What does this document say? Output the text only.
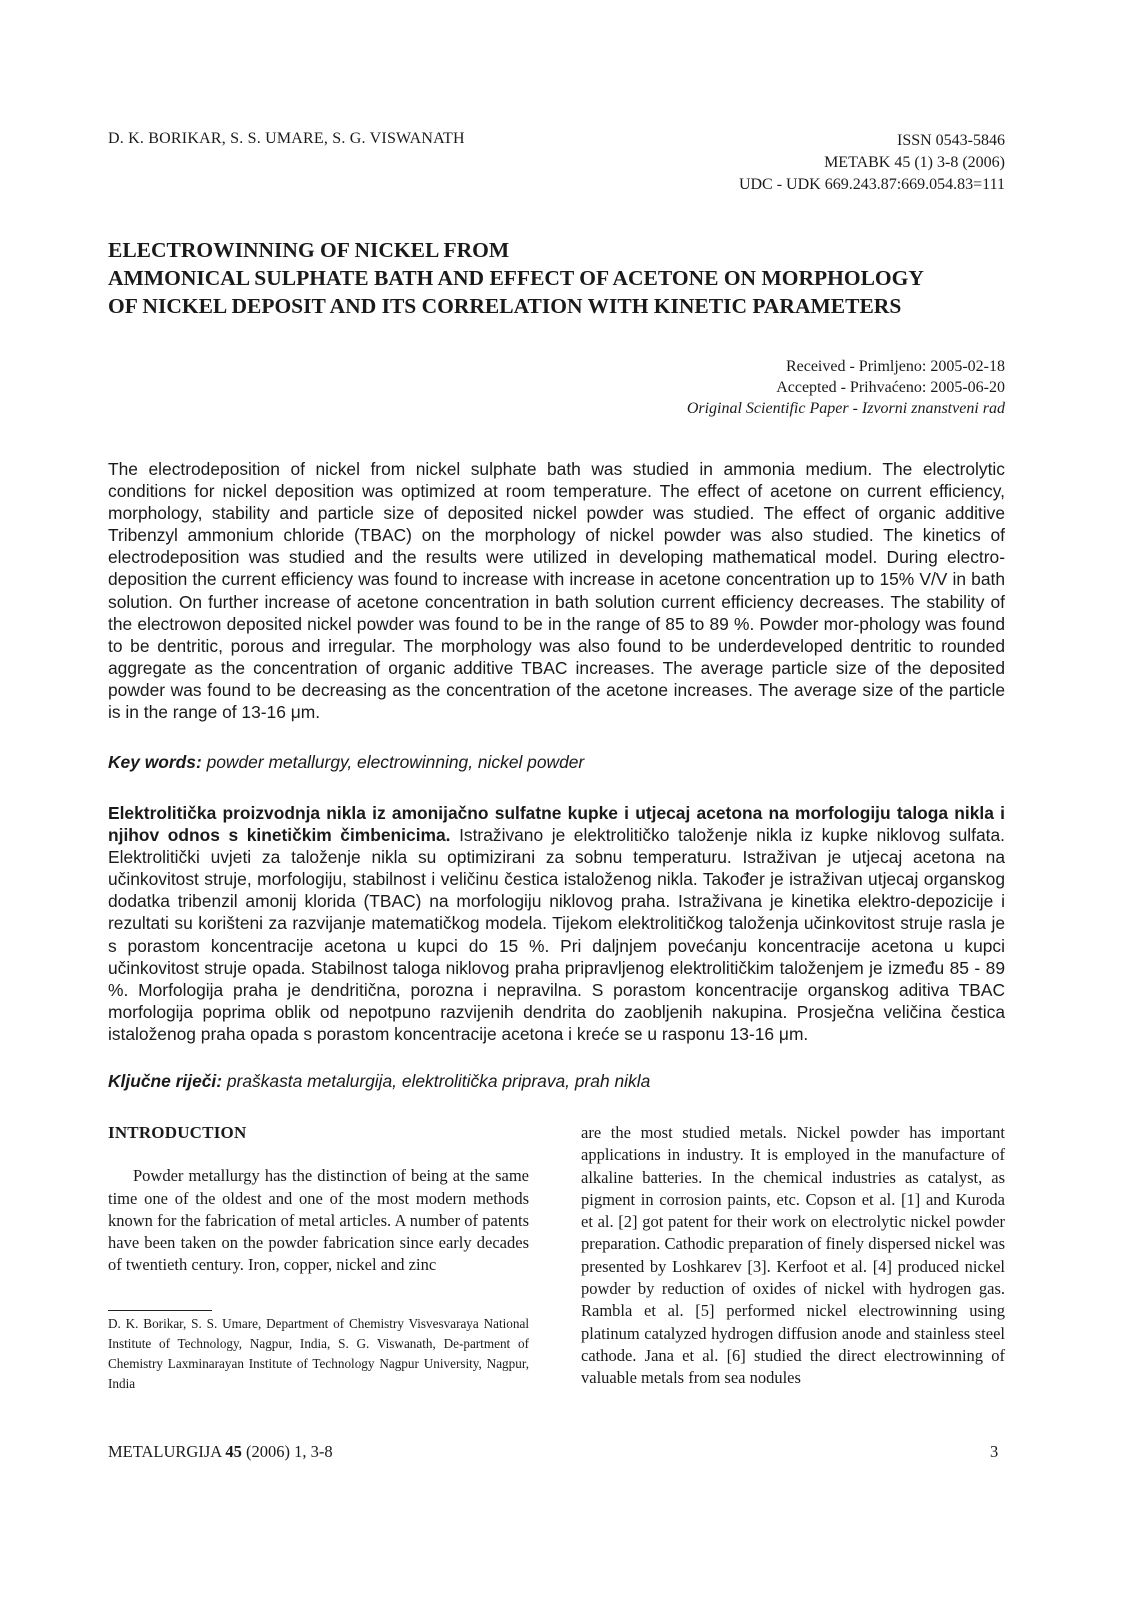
D. K. BORIKAR, S. S. UMARE, S. G. VISWANATH	ISSN 0543-5846
METABK 45 (1) 3-8 (2006)
UDC - UDK 669.243.87:669.054.83=111
ELECTROWINNING OF NICKEL FROM
AMMONICAL SULPHATE BATH AND EFFECT OF ACETONE ON MORPHOLOGY
OF NICKEL DEPOSIT AND ITS CORRELATION WITH KINETIC PARAMETERS
Received - Primljeno: 2005-02-18
Accepted - Prihvaćeno: 2005-06-20
Original Scientific Paper - Izvorni znanstveni rad
The electrodeposition of nickel from nickel sulphate bath was studied in ammonia medium. The electrolytic conditions for nickel deposition was optimized at room temperature. The effect of acetone on current efficiency, morphology, stability and particle size of deposited nickel powder was studied. The effect of organic additive Tribenzyl ammonium chloride (TBAC) on the morphology of nickel powder was also studied. The kinetics of electrodeposition was studied and the results were utilized in developing mathematical model. During electro-deposition the current efficiency was found to increase with increase in acetone concentration up to 15% V/V in bath solution. On further increase of acetone concentration in bath solution current efficiency decreases. The stability of the electrowon deposited nickel powder was found to be in the range of 85 to 89 %. Powder mor-phology was found to be dentritic, porous and irregular. The morphology was also found to be underdeveloped dentritic to rounded aggregate as the concentration of organic additive TBAC increases. The average particle size of the deposited powder was found to be decreasing as the concentration of the acetone increases. The average size of the particle is in the range of 13-16 μm.
Key words: powder metallurgy, electrowinning, nickel powder
Elektrolitička proizvodnja nikla iz amonijačno sulfatne kupke i utjecaj acetona na morfologiju taloga nikla i njihov odnos s kinetičkim čimbenicima. Istraživano je elektrolitičko taloženje nikla iz kupke niklovog sulfata. Elektrolitički uvjeti za taloženje nikla su optimizirani za sobnu temperaturu. Istraživan je utjecaj acetona na učinkovitost struje, morfologiju, stabilnost i veličinu čestica istaloženog nikla. Također je istraživan utjecaj organskog dodatka tribenzil amonij klorida (TBAC) na morfologiju niklovog praha. Istraživana je kinetika elektro-depozicije i rezultati su korišteni za razvijanje matematičkog modela. Tijekom elektrolitičkog taloženja učinkovitost struje rasla je s porastom koncentracije acetona u kupci do 15 %. Pri daljnjem povećanju koncentracije acetona u kupci učinkovitost struje opada. Stabilnost taloga niklovog praha pripravljenog elektrolitičkim taloženjem je između 85 - 89 %. Morfologija praha je dendritična, porozna i nepravilna. S porastom koncentracije organskog aditiva TBAC morfologija poprima oblik od nepotpuno razvijenih dendrita do zaobljenih nakupina. Prosječna veličina čestica istaloženog praha opada s porastom koncentracije acetona i kreće se u rasponu 13-16 μm.
Ključne riječi: praškasta metalurgija, elektrolitička priprava, prah nikla
INTRODUCTION

Powder metallurgy has the distinction of being at the same time one of the oldest and one of the most modern methods known for the fabrication of metal articles. A number of patents have been taken on the powder fabrication since early decades of twentieth century. Iron, copper, nickel and zinc

are the most studied metals. Nickel powder has important applications in industry. It is employed in the manufacture of alkaline batteries. In the chemical industries as catalyst, as pigment in corrosion paints, etc. Copson et al. [1] and Kuroda et al. [2] got patent for their work on electrolytic nickel powder preparation. Cathodic preparation of finely dispersed nickel was presented by Loshkarev [3]. Kerfoot et al. [4] produced nickel powder by reduction of oxides of nickel with hydrogen gas. Rambla et al. [5] performed nickel electrowinning using platinum catalyzed hydrogen diffusion anode and stainless steel cathode. Jana et al. [6] studied the direct electrowinning of valuable metals from sea nodules

D. K. Borikar, S. S. Umare, Department of Chemistry Visvesvaraya National Institute of Technology, Nagpur, India, S. G. Viswanath, De-partment of Chemistry Laxminarayan Institute of Technology Nagpur University, Nagpur, India
METALURGIJA 45 (2006) 1, 3-8	3
